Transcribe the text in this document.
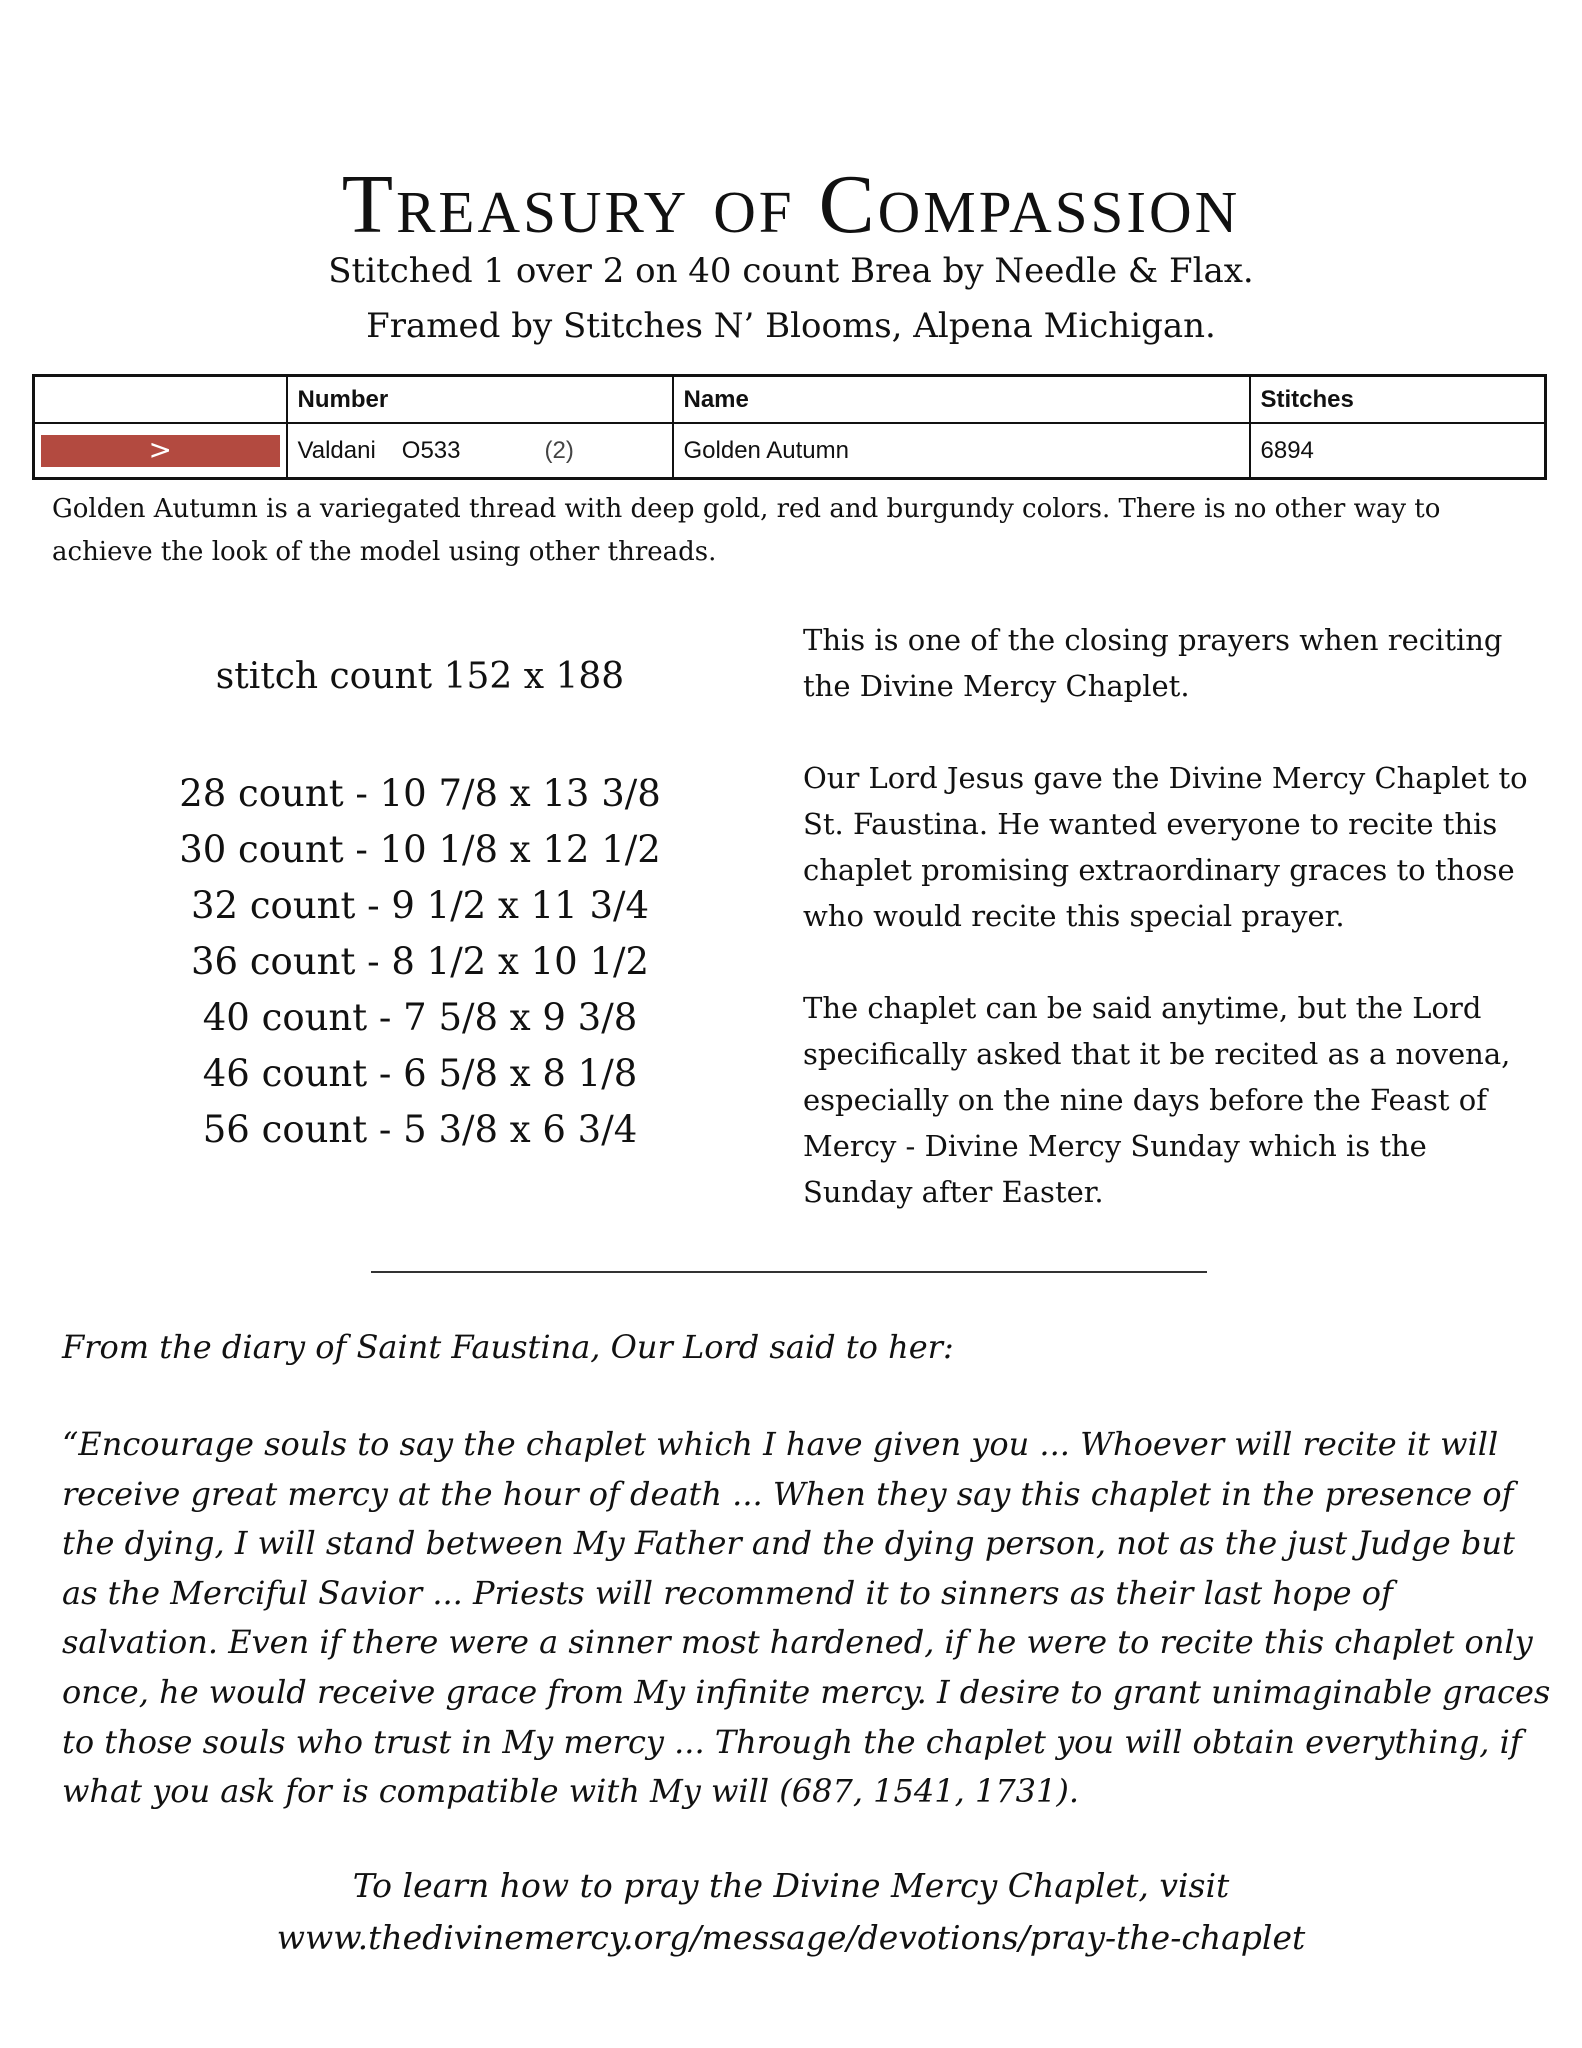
Treasury of Compassion
Stitched 1 over 2 on 40 count Brea by Needle & Flax.
Framed by Stitches N’ Blooms, Alpena Michigan.
	Number	Name	Stitches

>	Valdani O533 (2)	Golden Autumn	6894
Golden Autumn is a variegated thread with deep gold, red and burgundy colors. There is no other way to achieve the look of the model using other threads.
stitch count 152 x 188
28 count - 10 7/8 x 13 3/8
30 count - 10 1/8 x 12 1/2
32 count - 9 1/2 x 11 3/4
36 count - 8 1/2 x 10 1/2
40 count - 7 5/8 x 9 3/8
46 count - 6 5/8 x 8 1/8
56 count - 5 3/8 x 6 3/4

This is one of the closing prayers when reciting the Divine Mercy Chaplet.

Our Lord Jesus gave the Divine Mercy Chaplet to St. Faustina. He wanted everyone to recite this chaplet promising extraordinary graces to those who would recite this special prayer.

The chaplet can be said anytime, but the Lord specifically asked that it be recited as a novena, especially on the nine days before the Feast of Mercy - Divine Mercy Sunday which is the Sunday after Easter.

From the diary of Saint Faustina, Our Lord said to her:
“Encourage souls to say the chaplet which I have given you ... Whoever will recite it will receive great mercy at the hour of death ... When they say this chaplet in the presence of the dying, I will stand between My Father and the dying person, not as the just Judge but as the Merciful Savior ... Priests will recommend it to sinners as their last hope of salvation. Even if there were a sinner most hardened, if he were to recite this chaplet only once, he would receive grace from My infinite mercy. I desire to grant unimaginable graces to those souls who trust in My mercy ... Through the chaplet you will obtain everything, if what you ask for is compatible with My will (687, 1541, 1731).
To learn how to pray the Divine Mercy Chaplet, visit
www.thedivinemercy.org/message/devotions/pray-the-chaplet
